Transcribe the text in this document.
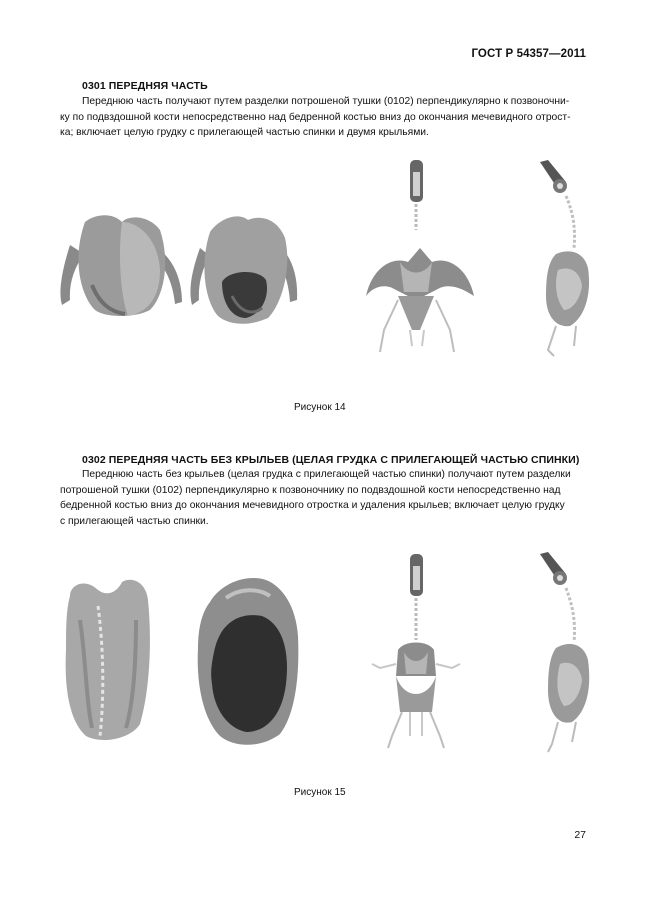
ГОСТ Р 54357—2011
0301 ПЕРЕДНЯЯ ЧАСТЬ
Переднюю часть получают путем разделки потрошеной тушки (0102) перпендикулярно к позвоночни-
ку по подвздошной кости непосредственно над бедренной костью вниз до окончания мечевидного отрост-
ка; включает целую грудку с прилегающей частью спинки и двумя крыльями.
Рисунок 14
0302 ПЕРЕДНЯЯ ЧАСТЬ БЕЗ КРЫЛЬЕВ (ЦЕЛАЯ ГРУДКА С ПРИЛЕГАЮЩЕЙ ЧАСТЬЮ СПИНКИ)
Переднюю часть без крыльев (целая грудка с прилегающей частью спинки) получают путем разделки
потрошеной тушки (0102) перпендикулярно к позвоночнику по подвздошной кости непосредственно над
бедренной костью вниз до окончания мечевидного отростка и удаления крыльев; включает целую грудку
с прилегающей частью спинки.
Рисунок 15
27
